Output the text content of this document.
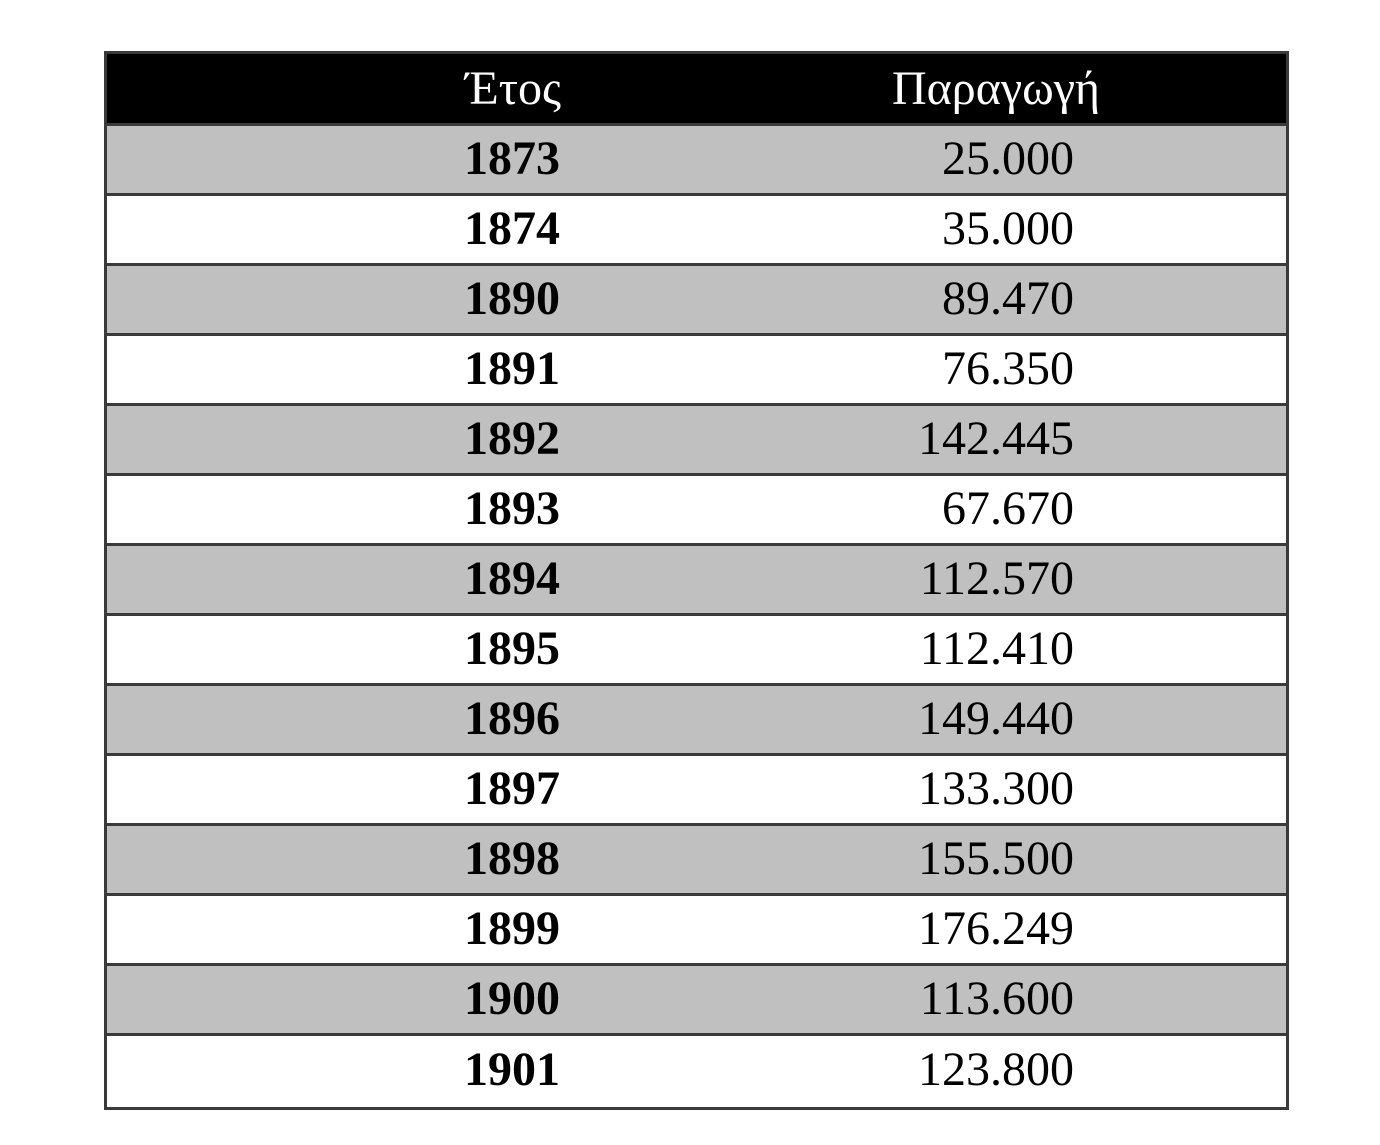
Έτος	Παραγωγή
1873	25.000
1874	35.000
1890	89.470
1891	76.350
1892	142.445
1893	67.670
1894	112.570
1895	112.410
1896	149.440
1897	133.300
1898	155.500
1899	176.249
1900	113.600
1901	123.800
